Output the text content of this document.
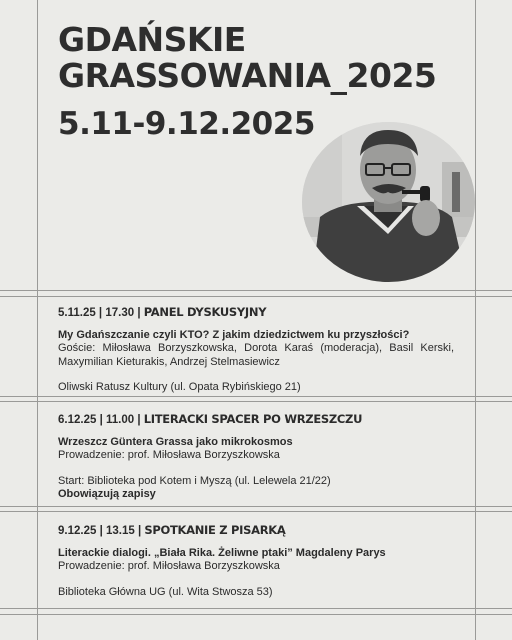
GDAŃSKIE
GRASSOWANIA_2025
5.11-9.12.2025
5.11.25 | 17.30 | PANEL DYSKUSYJNY
My Gdańszczanie czyli KTO? Z jakim dziedzictwem ku przyszłości?
Goście: Miłosława Borzyszkowska, Dorota Karaś (moderacja), Basil Kerski, Maxymilian Kieturakis, Andrzej Stelmasiewicz
Oliwski Ratusz Kultury (ul. Opata Rybińskiego 21)
6.12.25 | 11.00 | LITERACKI SPACER PO WRZESZCZU
Wrzeszcz Güntera Grassa jako mikrokosmos
Prowadzenie: prof. Miłosława Borzyszkowska
Start: Biblioteka pod Kotem i Myszą (ul. Lelewela 21/22)
Obowiązują zapisy
9.12.25 | 13.15 | SPOTKANIE Z PISARKĄ
Literackie dialogi. „Biała Rika. Żeliwne ptaki” Magdaleny Parys
Prowadzenie: prof. Miłosława Borzyszkowska
Biblioteka Główna UG (ul. Wita Stwosza 53)
